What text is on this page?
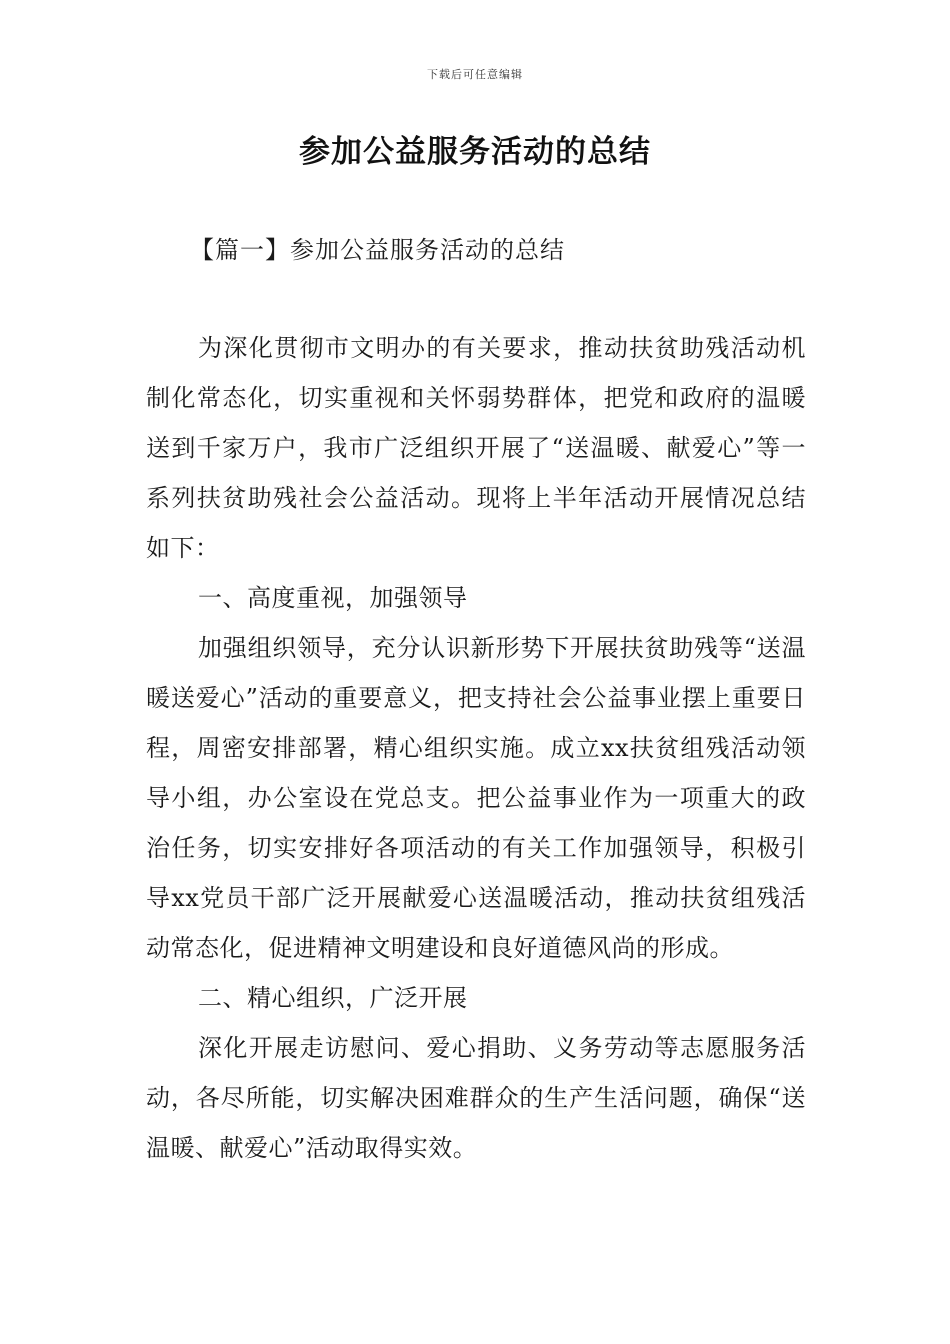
下载后可任意编辑
参加公益服务活动的总结
【篇一】参加公益服务活动的总结

为深化贯彻市文明办的有关要求，推动扶贫助残活动机制化常态化，切实重视和关怀弱势群体，把党和政府的温暖送到千家万户，我市广泛组织开展了“送温暖、献爱心”等一系列扶贫助残社会公益活动。现将上半年活动开展情况总结如下：

一、高度重视，加强领导

加强组织领导，充分认识新形势下开展扶贫助残等“送温暖送爱心”活动的重要意义，把支持社会公益事业摆上重要日程，周密安排部署，精心组织实施。成立xx扶贫组残活动领导小组，办公室设在党总支。把公益事业作为一项重大的政治任务，切实安排好各项活动的有关工作加强领导，积极引导xx党员干部广泛开展献爱心送温暖活动，推动扶贫组残活动常态化，促进精神文明建设和良好道德风尚的形成。

二、精心组织，广泛开展

深化开展走访慰问、爱心捐助、义务劳动等志愿服务活动，各尽所能，切实解决困难群众的生产生活问题，确保“送温暖、献爱心”活动取得实效。
